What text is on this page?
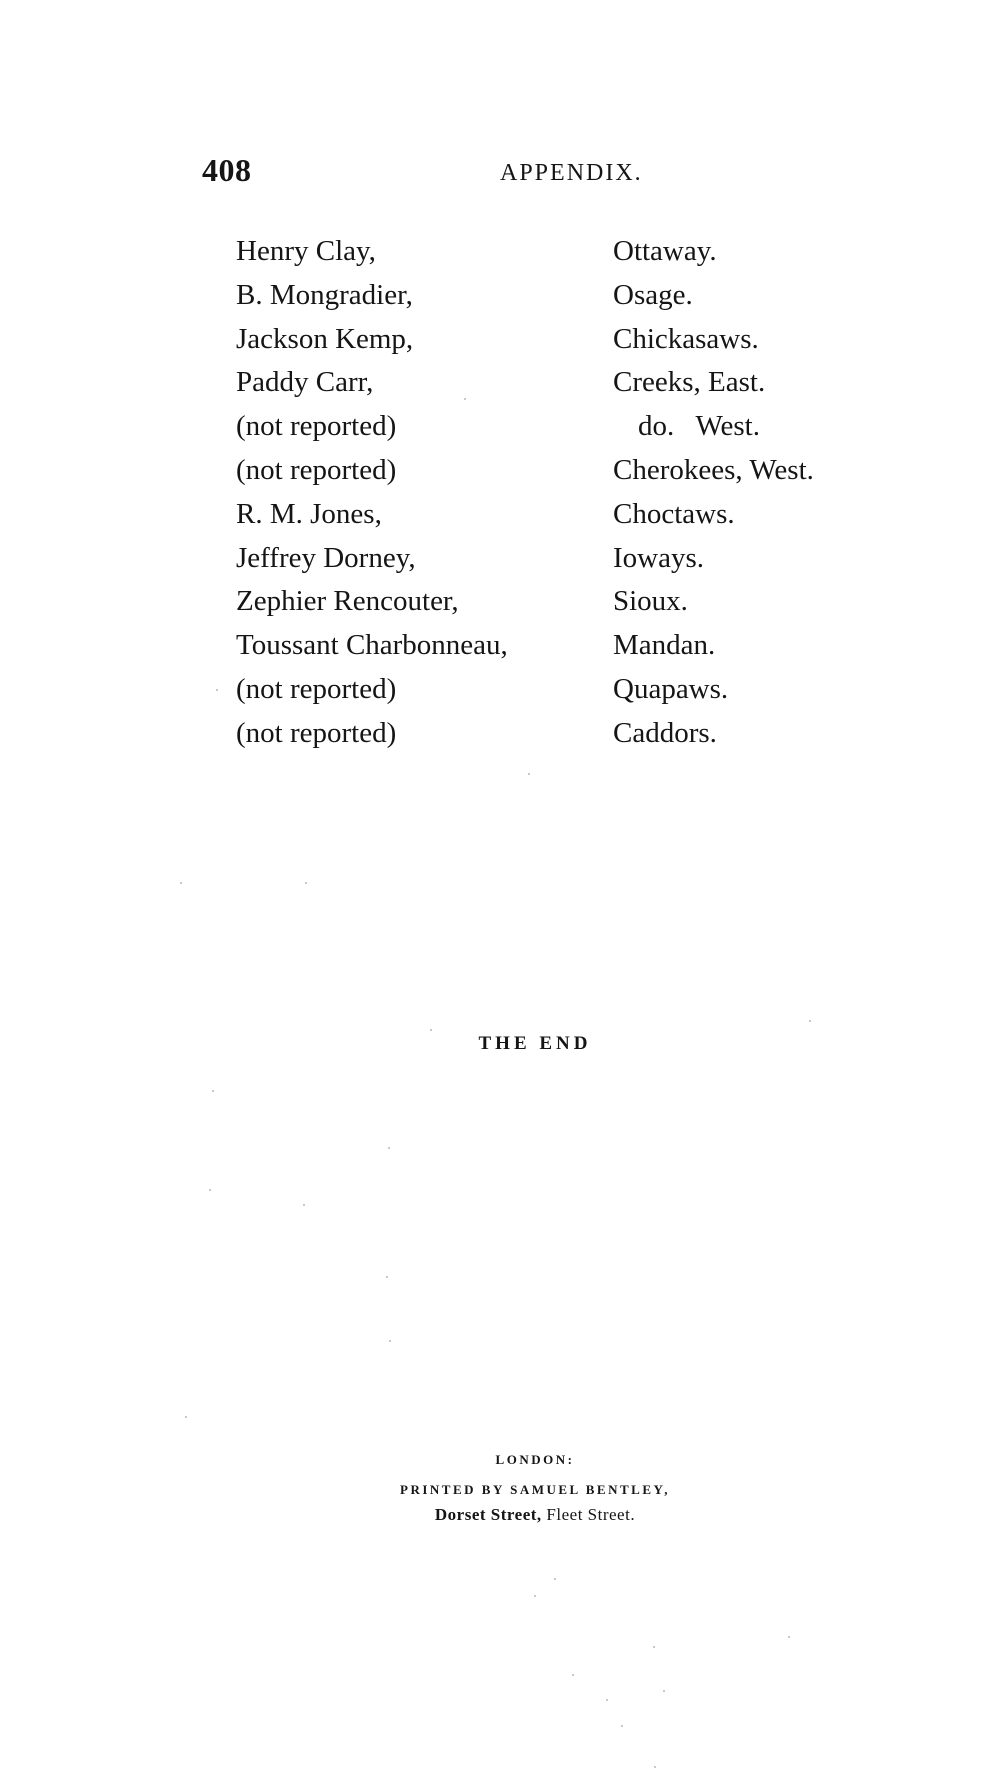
408	APPENDIX.
Henry Clay,	Ottaway.
B. Mongradier,	Osage.
Jackson Kemp,	Chickasaws.
Paddy Carr,	Creeks, East.
(not reported)	do.   West.
(not reported)	Cherokees, West.
R. M. Jones,	Choctaws.
Jeffrey Dorney,	Ioways.
Zephier Rencouter,	Sioux.
Toussant Charbonneau,	Mandan.
(not reported)	Quapaws.
(not reported)	Caddors.
THE END
LONDON:
PRINTED BY SAMUEL BENTLEY,
Dorset Street, Fleet Street.
